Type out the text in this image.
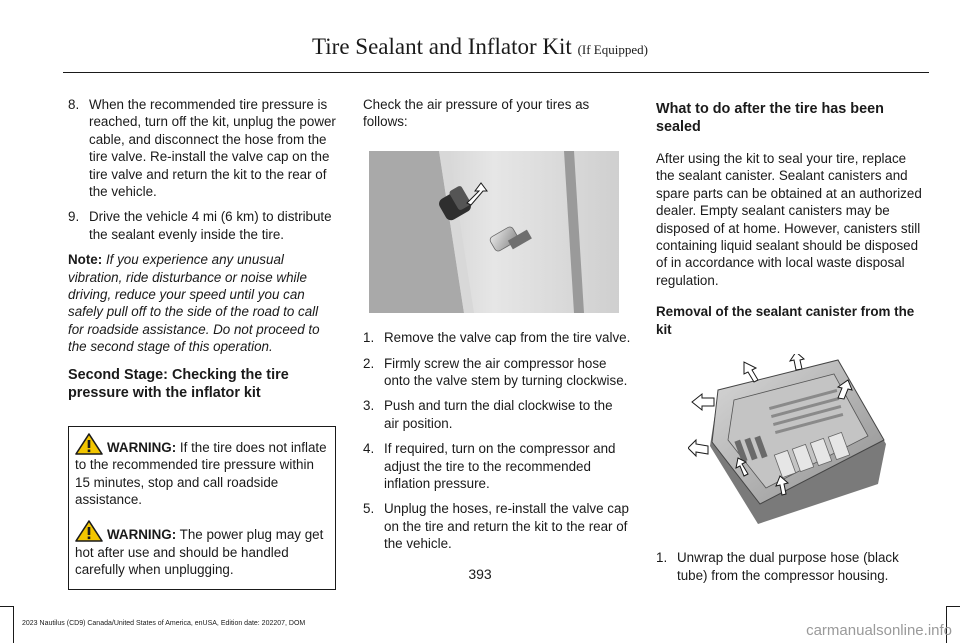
Tire Sealant and Inflator Kit (If Equipped)
8. When the recommended tire pressure is reached, turn off the kit, unplug the power cable, and disconnect the hose from the tire valve. Re-install the valve cap on the tire valve and return the kit to the rear of the vehicle.
9. Drive the vehicle 4 mi (6 km) to distribute the sealant evenly inside the tire.

Note: If you experience any unusual vibration, ride disturbance or noise while driving, reduce your speed until you can safely pull off to the side of the road to call for roadside assistance. Do not proceed to the second stage of this operation.

Second Stage: Checking the tire pressure with the inflator kit

WARNING: If the tire does not inflate to the recommended tire pressure within 15 minutes, stop and call roadside assistance.

WARNING: The power plug may get hot after use and should be handled carefully when unplugging.

Check the air pressure of your tires as follows:

1. Remove the valve cap from the tire valve.
2. Firmly screw the air compressor hose onto the valve stem by turning clockwise.
3. Push and turn the dial clockwise to the air position.
4. If required, turn on the compressor and adjust the tire to the recommended inflation pressure.
5. Unplug the hoses, re-install the valve cap on the tire and return the kit to the rear of the vehicle.
What to do after the tire has been sealed

After using the kit to seal your tire, replace the sealant canister. Sealant canisters and spare parts can be obtained at an authorized dealer. Empty sealant canisters may be disposed of at home. However, canisters still containing liquid sealant should be disposed of in accordance with local waste disposal regulation.

Removal of the sealant canister from the kit
1. Unwrap the dual purpose hose (black tube) from the compressor housing.
393
2023 Nautilus (CD9) Canada/United States of America, enUSA, Edition date: 202207, DOM	carmanualsonline.info
